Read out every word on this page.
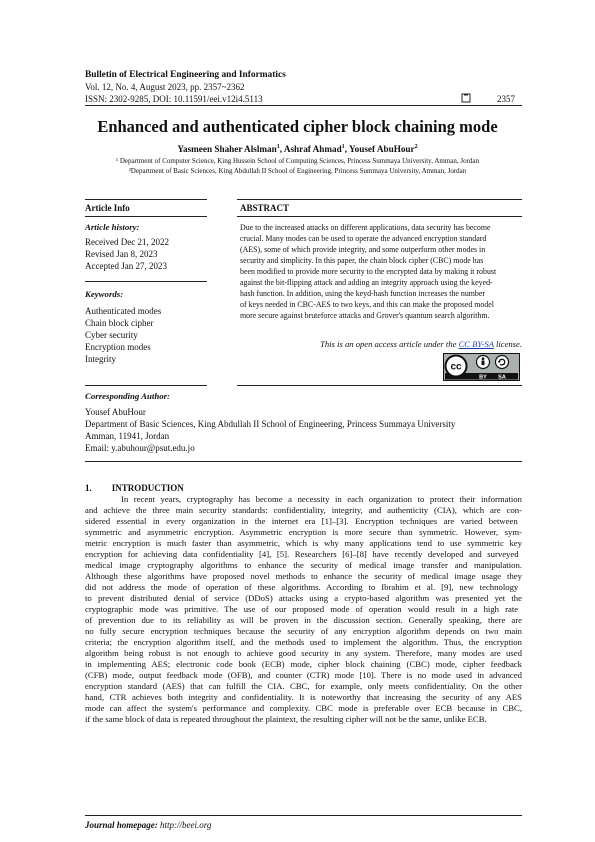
Bulletin of Electrical Engineering and Informatics
Vol. 12, No. 4, August 2023, pp. 2357~2362
ISSN: 2302-9285, DOI: 10.11591/eei.v12i4.5113	2357
Enhanced and authenticated cipher block chaining mode
Yasmeen Shaher Alslman$^1$, Ashraf Ahmad$^1$, Yousef AbuHour$^2$
¹ Department of Computer Science, King Hussein School of Computing Sciences, Princess Summaya University, Amman, Jordan
²Department of Basic Sciences, King Abdullah II School of Engineering, Princess Summaya University, Amman, Jordan
Article Info	ABSTRACT
Article history:
Received Dec 21, 2022
Revised Jan 8, 2023
Accepted Jan 27, 2023
Keywords:
Authenticated modes
Chain block cipher
Cyber security
Encryption modes
Integrity
Due to the increased attacks on different applications, data security has become
crucial. Many modes can be used to operate the advanced encryption standard
(AES), some of which provide integrity, and some outperform other modes in
security and simplicity. In this paper, the chain block cipher (CBC) mode has
been modified to provide more security to the encrypted data by making it robust
against the bit-flipping attack and adding an integrity approach using the keyed-
hash function. In addition, using the keyd-hash function increases the number
of keys needed in CBC-AES to two keys, and this can make the proposed model
more secure against bruteforce attacks and Grover's quantum search algorithm.
This is an open access article under the CC BY-SA license.
cc
BY SA
Corresponding Author:
Yousef AbuHour
Department of Basic Sciences, King Abdullah II School of Engineering, Princess Summaya University
Amman, 11941, Jordan
Email: y.abuhour@psut.edu.jo
1. INTRODUCTION
In recent years, cryptography has become a necessity in each organization to protect their information
and achieve the three main security standards: confidentiality, integrity, and authenticity (CIA), which are con-
sidered essential in every organization in the internet era [1]–[3]. Encryption techniques are varied between
symmetric and asymmetric encryption. Asymmetric encryption is more secure than symmetric. However, sym-
metric encryption is much faster than asymmetric, which is why many applications tend to use symmetric key
encryption for achieving data confidentiality [4], [5]. Researchers [6]–[8] have recently developed and surveyed
medical image cryptography algorithms to enhance the security of medical image transfer and manipulation.
Although these algorithms have proposed novel methods to enhance the security of medical image usage they
did not address the mode of operation of these algorithms. According to Ibrahim et al. [9], new technology
to prevent distributed denial of service (DDoS) attacks using a crypto-based algorithm was presented yet the
cryptographic mode was primitive. The use of our proposed mode of operation would result in a high rate
of prevention due to its reliability as will be proven in the discussion section. Generally speaking, there are
no fully secure encryption techniques because the security of any encryption algorithm depends on two main
criteria; the encryption algorithm itself, and the methods used to implement the algorithm. Thus, the encryption
algorithm being robust is not enough to achieve good security in any system. Therefore, many modes are used
in implementing AES; electronic code book (ECB) mode, cipher block chaining (CBC) mode, cipher feedback
(CFB) mode, output feedback mode (OFB), and counter (CTR) mode [10]. There is no mode used in advanced
encryption standard (AES) that can fulfill the CIA. CBC, for example, only meets confidentiality. On the other
hand, CTR achieves both integrity and confidentiality. It is noteworthy that increasing the security of any AES
mode can affect the system's performance and complexity. CBC mode is preferable over ECB because in CBC,
if the same block of data is repeated throughout the plaintext, the resulting cipher will not be the same, unlike ECB.
Journal homepage: http://beei.org
